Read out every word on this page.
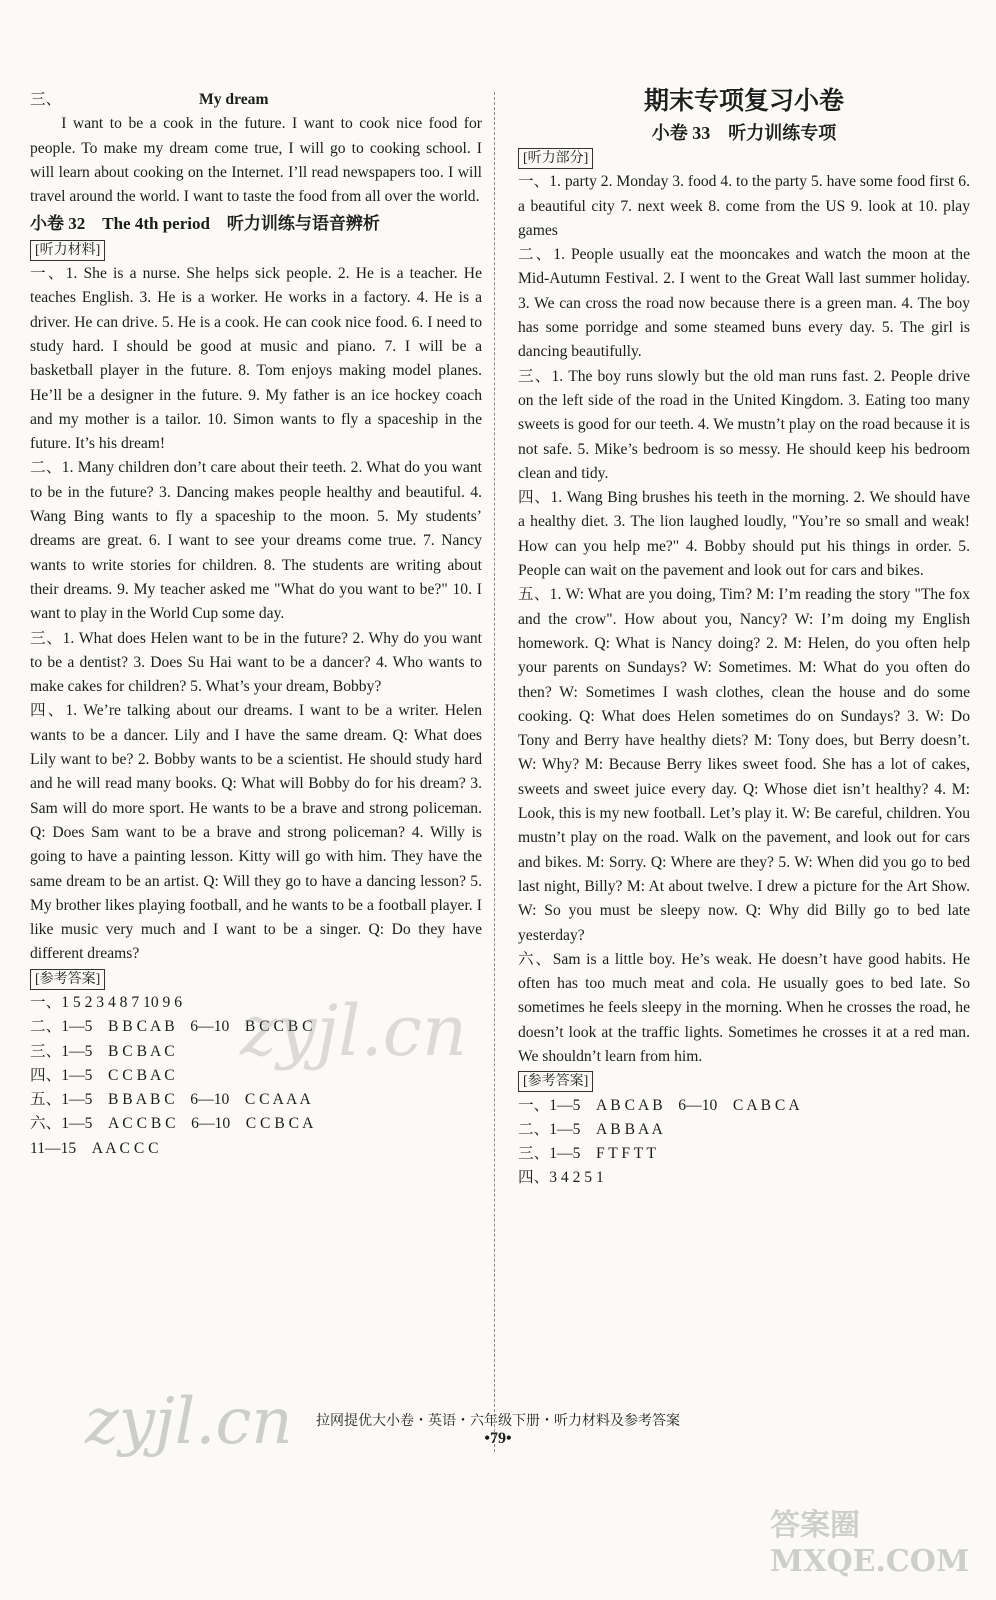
三、	My dream

I want to be a cook in the future. I want to cook nice food for people. To make my dream come true, I will go to cooking school. I will learn about cooking on the Internet. I’ll read newspapers too. I will travel around the world. I want to taste the food from all over the world.

小卷 32　The 4th period　听力训练与语音辨析
[听力材料]

一、1. She is a nurse. She helps sick people. 2. He is a teacher. He teaches English. 3. He is a worker. He works in a factory. 4. He is a driver. He can drive. 5. He is a cook. He can cook nice food. 6. I need to study hard. I should be good at music and piano. 7. I will be a basketball player in the future. 8. Tom enjoys making model planes. He’ll be a designer in the future. 9. My father is an ice hockey coach and my mother is a tailor. 10. Simon wants to fly a spaceship in the future. It’s his dream!

二、1. Many children don’t care about their teeth. 2. What do you want to be in the future? 3. Dancing makes people healthy and beautiful. 4. Wang Bing wants to fly a spaceship to the moon. 5. My students’ dreams are great. 6. I want to see your dreams come true. 7. Nancy wants to write stories for children. 8. The students are writing about their dreams. 9. My teacher asked me "What do you want to be?" 10. I want to play in the World Cup some day.

三、1. What does Helen want to be in the future? 2. Why do you want to be a dentist? 3. Does Su Hai want to be a dancer? 4. Who wants to make cakes for children? 5. What’s your dream, Bobby?

四、1. We’re talking about our dreams. I want to be a writer. Helen wants to be a dancer. Lily and I have the same dream. Q: What does Lily want to be? 2. Bobby wants to be a scientist. He should study hard and he will read many books. Q: What will Bobby do for his dream? 3. Sam will do more sport. He wants to be a brave and strong policeman. Q: Does Sam want to be a brave and strong policeman? 4. Willy is going to have a painting lesson. Kitty will go with him. They have the same dream to be an artist. Q: Will they go to have a dancing lesson? 5. My brother likes playing football, and he wants to be a football player. I like music very much and I want to be a singer. Q: Do they have different dreams?

[参考答案]
一、1 5 2 3 4 8 7 10 9 6
二、1—5　B B C A B　6—10　B C C B C
三、1—5　B C B A C
四、1—5　C C B A C
五、1—5　B B A B C　6—10　C C A A A
六、1—5　A C C B C　6—10　C C B C A
11—15　A A C C C
期末专项复习小卷
小卷 33　听力训练专项
[听力部分]

一、1. party 2. Monday 3. food 4. to the party 5. have some food first 6. a beautiful city 7. next week 8. come from the US 9. look at 10. play games

二、1. People usually eat the mooncakes and watch the moon at the Mid-Autumn Festival. 2. I went to the Great Wall last summer holiday. 3. We can cross the road now because there is a green man. 4. The boy has some porridge and some steamed buns every day. 5. The girl is dancing beautifully.

三、1. The boy runs slowly but the old man runs fast. 2. People drive on the left side of the road in the United Kingdom. 3. Eating too many sweets is good for our teeth. 4. We mustn’t play on the road because it is not safe. 5. Mike’s bedroom is so messy. He should keep his bedroom clean and tidy.

四、1. Wang Bing brushes his teeth in the morning. 2. We should have a healthy diet. 3. The lion laughed loudly, "You’re so small and weak! How can you help me?" 4. Bobby should put his things in order. 5. People can wait on the pavement and look out for cars and bikes.

五、1. W: What are you doing, Tim? M: I’m reading the story "The fox and the crow". How about you, Nancy? W: I’m doing my English homework. Q: What is Nancy doing? 2. M: Helen, do you often help your parents on Sundays? W: Sometimes. M: What do you often do then? W: Sometimes I wash clothes, clean the house and do some cooking. Q: What does Helen sometimes do on Sundays? 3. W: Do Tony and Berry have healthy diets? M: Tony does, but Berry doesn’t. W: Why? M: Because Berry likes sweet food. She has a lot of cakes, sweets and sweet juice every day. Q: Whose diet isn’t healthy? 4. M: Look, this is my new football. Let’s play it. W: Be careful, children. You mustn’t play on the road. Walk on the pavement, and look out for cars and bikes. M: Sorry. Q: Where are they? 5. W: When did you go to bed last night, Billy? M: At about twelve. I drew a picture for the Art Show. W: So you must be sleepy now. Q: Why did Billy go to bed late yesterday?

六、Sam is a little boy. He’s weak. He doesn’t have good habits. He often has too much meat and cola. He usually goes to bed late. So sometimes he feels sleepy in the morning. When he crosses the road, he doesn’t look at the traffic lights. Sometimes he crosses it at a red man. We shouldn’t learn from him.

[参考答案]
一、1—5　A B C A B　6—10　C A B C A
二、1—5　A B B A A
三、1—5　F T F T T
四、3 4 2 5 1
zyjl.cn
zyjl.cn
答案圈 MXQE.COM
拉网提优大小卷・英语・六年级下册・听力材料及参考答案
•79•
